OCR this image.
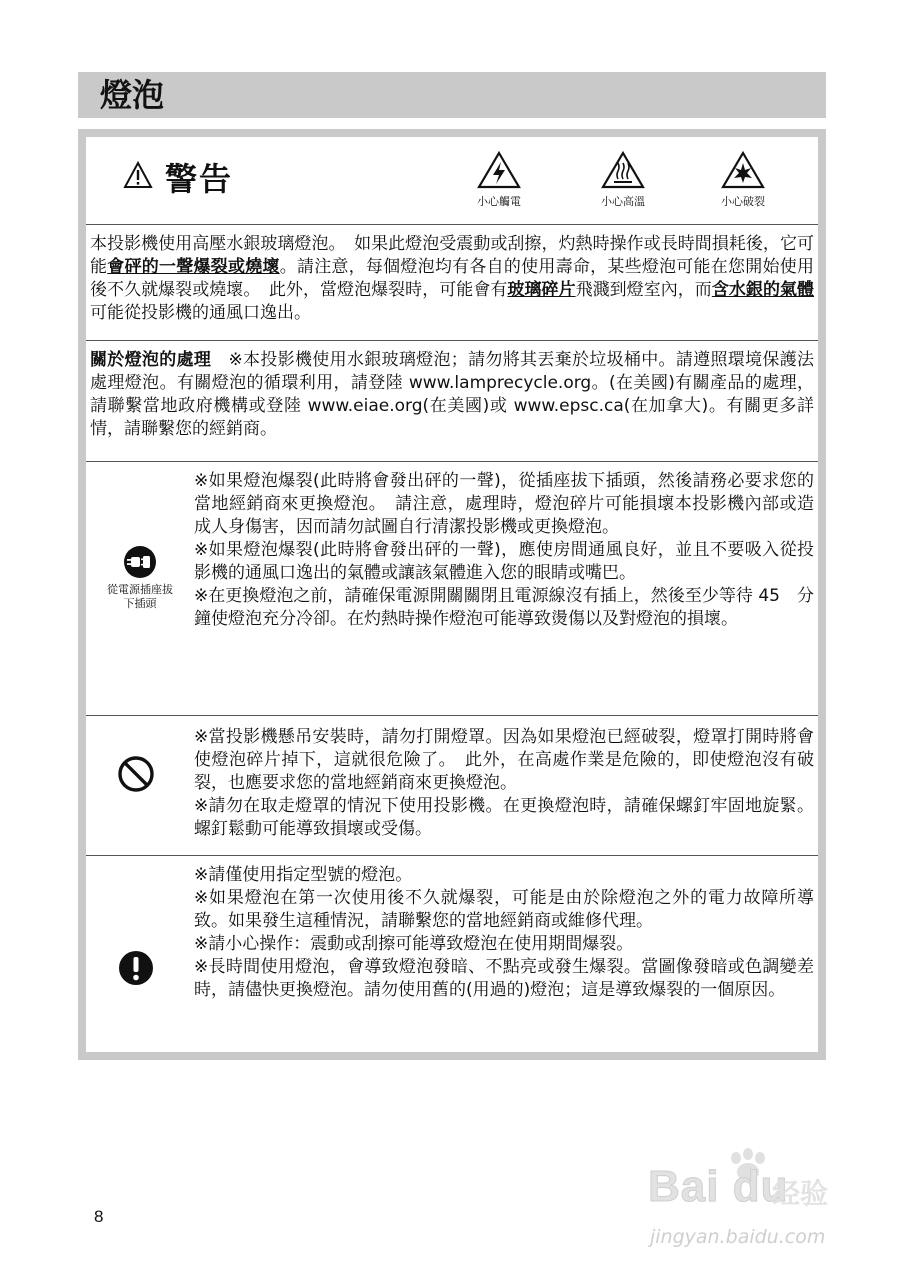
燈泡
警告
小心觸電	小心高溫	小心破裂
本投影機使用高壓水銀玻璃燈泡。　如果此燈泡受震動或刮擦，灼熱時操作或長時間損耗後，它可能會砰的一聲爆裂或燒壞。請注意，每個燈泡均有各自的使用壽命，某些燈泡可能在您開始使用後不久就爆裂或燒壞。　此外，當燈泡爆裂時，可能會有玻璃碎片飛濺到燈室內，而含水銀的氣體可能從投影機的通風口逸出。
關於燈泡的處理　※本投影機使用水銀玻璃燈泡；請勿將其丟棄於垃圾桶中。請遵照環境保護法處理燈泡。有關燈泡的循環利用，請登陸 www.lamprecycle.org。(在美國)有關產品的處理，請聯繫當地政府機構或登陸 www.eiae.org(在美國)或 www.epsc.ca(在加拿大)。有關更多詳情，請聯繫您的經銷商。
從電源插座拔
下插頭
※如果燈泡爆裂(此時將會發出砰的一聲)，從插座拔下插頭，然後請務必要求您的當地經銷商來更換燈泡。　請注意，處理時，燈泡碎片可能損壞本投影機內部或造成人身傷害，因而請勿試圖自行清潔投影機或更換燈泡。
※如果燈泡爆裂(此時將會發出砰的一聲)，應使房間通風良好，並且不要吸入從投影機的通風口逸出的氣體或讓該氣體進入您的眼睛或嘴巴。
※在更換燈泡之前，請確保電源開關關閉且電源線沒有插上，然後至少等待 45　分鐘使燈泡充分冷卻。在灼熱時操作燈泡可能導致燙傷以及對燈泡的損壞。
※當投影機懸吊安裝時，請勿打開燈罩。因為如果燈泡已經破裂，燈罩打開時將會使燈泡碎片掉下，這就很危險了。　此外，在高處作業是危險的，即使燈泡沒有破裂，也應要求您的當地經銷商來更換燈泡。
※請勿在取走燈罩的情況下使用投影機。在更換燈泡時，請確保螺釘牢固地旋緊。螺釘鬆動可能導致損壞或受傷。
※請僅使用指定型號的燈泡。
※如果燈泡在第一次使用後不久就爆裂，可能是由於除燈泡之外的電力故障所導致。如果發生這種情況，請聯繫您的當地經銷商或維修代理。
※請小心操作：震動或刮擦可能導致燈泡在使用期間爆裂。
※長時間使用燈泡，會導致燈泡發暗、不點亮或發生爆裂。當圖像發暗或色調變差時，請儘快更換燈泡。請勿使用舊的(用過的)燈泡；這是導致爆裂的一個原因。
8
Bai du
经验
jingyan.baidu.com
